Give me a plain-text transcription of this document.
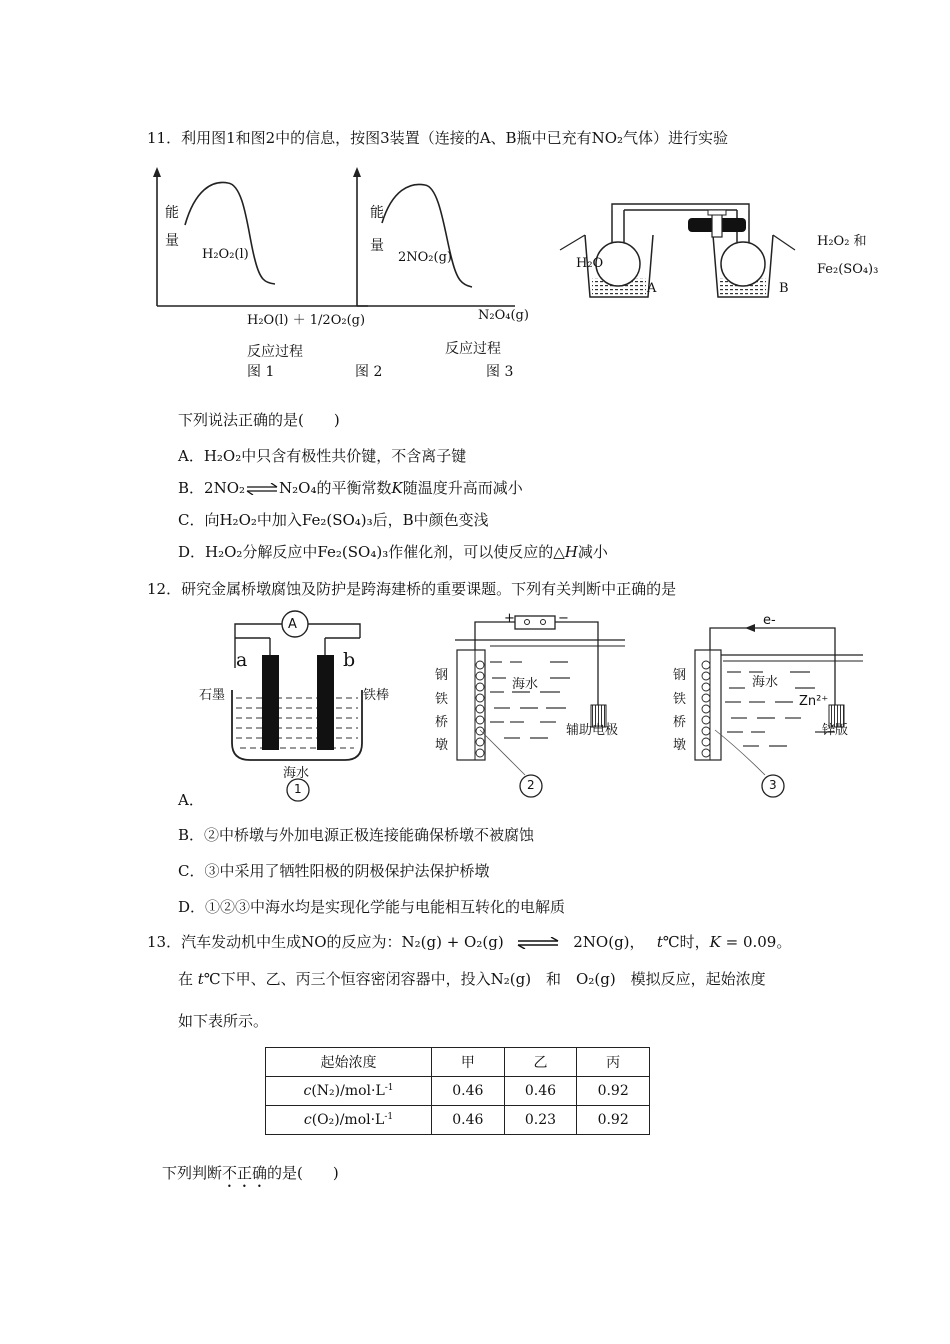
11．利用图1和图2中的信息，按图3装置（连接的A、B瓶中已充有NO₂气体）进行实验
能
量
H₂O₂(l)
H₂O(l) ＋ 1/2O₂(g)
反应过程
图 1
能
量
2NO₂(g)
N₂O₄(g)
反应过程
图 2
H₂O
A	B
H₂O₂ 和
Fe₂(SO₄)₃
图 3
下列说法正确的是(　　)
A．H₂O₂中只含有极性共价键，不含离子键
B．2NO₂⇌N₂O₄的平衡常数K随温度升高而减小
C．向H₂O₂中加入Fe₂(SO₄)₃后，B中颜色变浅
D．H₂O₂分解反应中Fe₂(SO₄)₃作催化剂，可以使反应的△H减小
12．研究金属桥墩腐蚀及防护是跨海建桥的重要课题。下列有关判断中正确的是
A
a	b
石墨	铁棒
海水
1
+	−
钢
铁
桥
墩
海水
辅助电极
2
e-
钢
铁
桥
墩
海水
Zn²⁺
锌版
3
A．
B．②中桥墩与外加电源正极连接能确保桥墩不被腐蚀
C．③中采用了牺牲阳极的阴极保护法保护桥墩
D．①②③中海水均是实现化学能与电能相互转化的电解质
13．汽车发动机中生成NO的反应为：N₂(g) + O₂(g) ⇌ 2NO(g)，　 t℃时，K = 0.09。
在 t℃下甲、乙、丙三个恒容密闭容器中，投入N₂(g)　和　O₂(g)　模拟反应，起始浓度
如下表所示。
起始浓度	甲	乙	丙
$c(N_2)/mol\cdot L^{-1}$	0.46	0.46	0.92
$c(O_2)/mol\cdot L^{-1}$	0.46	0.23	0.92
下列判断不正确的是(　　)
